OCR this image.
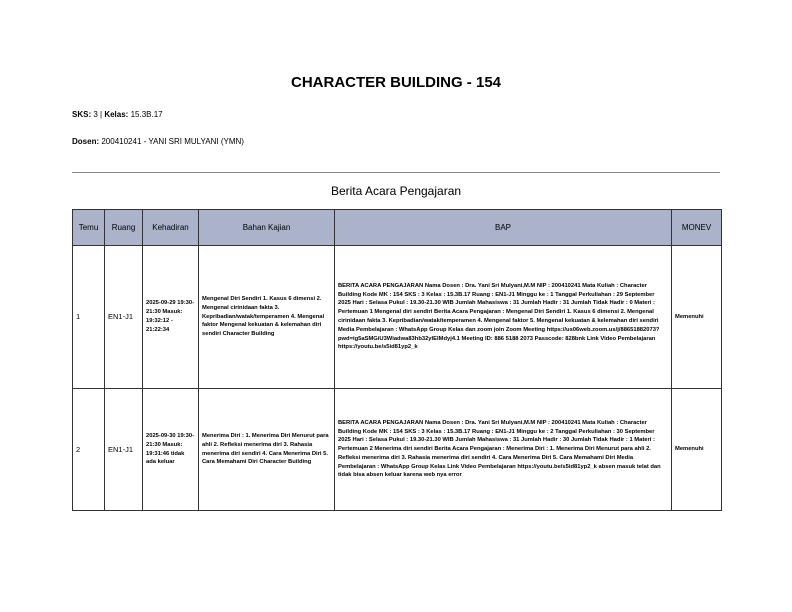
CHARACTER BUILDING - 154
SKS: 3 | Kelas: 15.3B.17
Dosen: 200410241 - YANI SRI MULYANI (YMN)
Berita Acara Pengajaran
Temu	Ruang	Kehadiran	Bahan Kajian	BAP	MONEV
1	EN1-J1	2025-09-29 19:30-21:30 Masuk: 19:32:12 - 21:22:34	Mengenal Diri Sendiri 1. Kasus 6 dimensi 2. Mengenal cirinidaan fakta 3. Kepribadian/watak/temperamen 4. Mengenal faktor Mengenal kekuatan & kelemahan diri sendiri Character Building	BERITA ACARA PENGAJARAN Nama Dosen : Dra. Yani Sri Mulyani,M.M NIP : 200410241 Mata Kuliah : Character Building Kode MK : 154 SKS : 3 Kelas : 15.3B.17 Ruang : EN1-J1 Minggu ke : 1 Tanggal Perkuliahan : 29 September 2025 Hari : Selasa Pukul : 19.30-21.30 WIB Jumlah Mahasiswa : 31 Jumlah Hadir : 31 Jumlah Tidak Hadir : 0 Materi : Pertemuan 1 Mengenal diri sendiri Berita Acara Pengajaran : Mengenal Diri Sendiri 1. Kasus 6 dimensi 2. Mengenal cirinidaan fakta 3. Kepribadian/watak/temperamen 4. Mengenal faktor 5. Mengenal kekuatan & kelemahan diri sendiri Media Pembelajaran : WhatsApp Group Kelas dan zoom join Zoom Meeting https://us06web.zoom.us/j/88651882073?pwd=ig5aSMGiU3Wiadwa83hb32yIEIMdyj4.1 Meeting ID: 886 5188 2073 Passcode: 828bnk Link Video Pembelajaran https://youtu.be/s5id81yp2_k	Memenuhi
2	EN1-J1	2025-09-30 19:30-21:30 Masuk: 19:31:46 tidak ada keluar	Menerima Diri : 1. Menerima Diri Menurut para ahli 2. Refleksi menerima diri 3. Rahasia menerima diri sendiri 4. Cara Menerima Diri 5. Cara Memahami Diri Character Building	BERITA ACARA PENGAJARAN Nama Dosen : Dra. Yani Sri Mulyani,M.M NIP : 200410241 Mata Kuliah : Character Building Kode MK : 154 SKS : 3 Kelas : 15.3B.17 Ruang : EN1-J1 Minggu ke : 2 Tanggal Perkuliahan : 30 September 2025 Hari : Selasa Pukul : 19.30-21.30 WIB Jumlah Mahasiswa : 31 Jumlah Hadir : 30 Jumlah Tidak Hadir : 1 Materi : Pertemuan 2 Menerima diri sendiri Berita Acara Pengajaran : Menerima Diri : 1. Menerima Diri Menurut para ahli 2. Refleksi menerima diri 3. Rahasia menerima diri sendiri 4. Cara Menerima Diri 5. Cara Memahami Diri Media Pembelajaran : WhatsApp Group Kelas Link Video Pembelajaran https://youtu.be/s5id81yp2_k absen masuk telat dan tidak bisa absen keluar karena web nya error	Memenuhi
